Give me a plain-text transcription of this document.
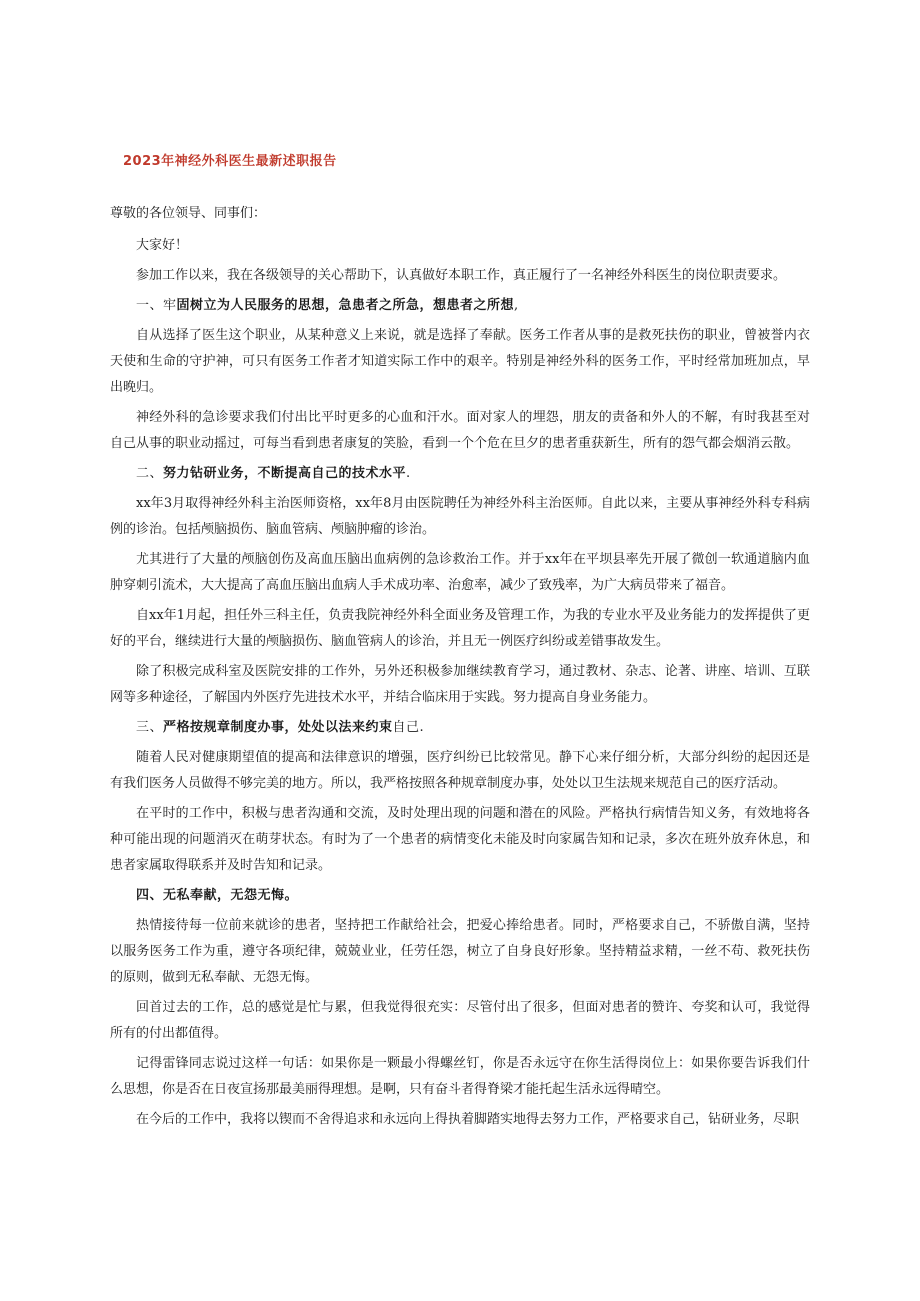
2023年神经外科医生最新述职报告

尊敬的各位领导、同事们：

大家好！

参加工作以来，我在各级领导的关心帮助下，认真做好本职工作，真正履行了一名神经外科医生的岗位职责要求。

一、牢固树立为人民服务的思想，急患者之所急，想患者之所想,

自从选择了医生这个职业，从某种意义上来说，就是选择了奉献。医务工作者从事的是救死扶伤的职业，曾被誉内衣天使和生命的守护神，可只有医务工作者才知道实际工作中的艰辛。特别是神经外科的医务工作，平时经常加班加点，早出晚归。

神经外科的急诊要求我们付出比平时更多的心血和汗水。面对家人的埋怨，朋友的责备和外人的不解，有时我甚至对自己从事的职业动摇过，可每当看到患者康复的笑脸，看到一个个危在旦夕的患者重获新生，所有的怨气都会烟消云散。

二、努力钻研业务，不断提高自己的技术水平.

xx年3月取得神经外科主治医师资格，xx年8月由医院聘任为神经外科主治医师。自此以来，主要从事神经外科专科病例的诊治。包括颅脑损伤、脑血管病、颅脑肿瘤的诊治。

尤其进行了大量的颅脑创伤及高血压脑出血病例的急诊救治工作。并于xx年在平坝县率先开展了微创一软通道脑内血肿穿刺引流术，大大提高了高血压脑出血病人手术成功率、治愈率，减少了致残率，为广大病员带来了福音。

自xx年1月起，担任外三科主任，负责我院神经外科全面业务及管理工作，为我的专业水平及业务能力的发挥提供了更好的平台，继续进行大量的颅脑损伤、脑血管病人的诊治，并且无一例医疗纠纷或差错事故发生。

除了积极完成科室及医院安排的工作外，另外还积极参加继续教育学习，通过教材、杂志、论著、讲座、培训、互联网等多种途径，了解国内外医疗先进技术水平，并结合临床用于实践。努力提高自身业务能力。

三、严格按规章制度办事，处处以法来约束自己.

随着人民对健康期望值的提高和法律意识的增强，医疗纠纷已比较常见。静下心来仔细分析，大部分纠纷的起因还是有我们医务人员做得不够完美的地方。所以，我严格按照各种规章制度办事，处处以卫生法规来规范自己的医疗活动。

在平时的工作中，积极与患者沟通和交流，及时处理出现的问题和潜在的风险。严格执行病情告知义务，有效地将各种可能出现的问题消灭在萌芽状态。有时为了一个患者的病情变化未能及时向家属告知和记录，多次在班外放弃休息，和患者家属取得联系并及时告知和记录。

四、无私奉献，无怨无悔。

热情接待每一位前来就诊的患者，坚持把工作献给社会，把爱心捧给患者。同时，严格要求自己，不骄傲自满，坚持以服务医务工作为重，遵守各项纪律，兢兢业业，任劳任怨，树立了自身良好形象。坚持精益求精，一丝不苟、救死扶伤的原则，做到无私奉献、无怨无悔。

回首过去的工作，总的感觉是忙与累，但我觉得很充实：尽管付出了很多，但面对患者的赞许、夸奖和认可，我觉得所有的付出都值得。

记得雷锋同志说过这样一句话：如果你是一颗最小得螺丝钉，你是否永远守在你生活得岗位上：如果你要告诉我们什么思想，你是否在日夜宣扬那最美丽得理想。是啊，只有奋斗者得脊梁才能托起生活永远得晴空。

在今后的工作中，我将以锲而不舍得追求和永远向上得执着脚踏实地得去努力工作，严格要求自己，钻研业务，尽职
